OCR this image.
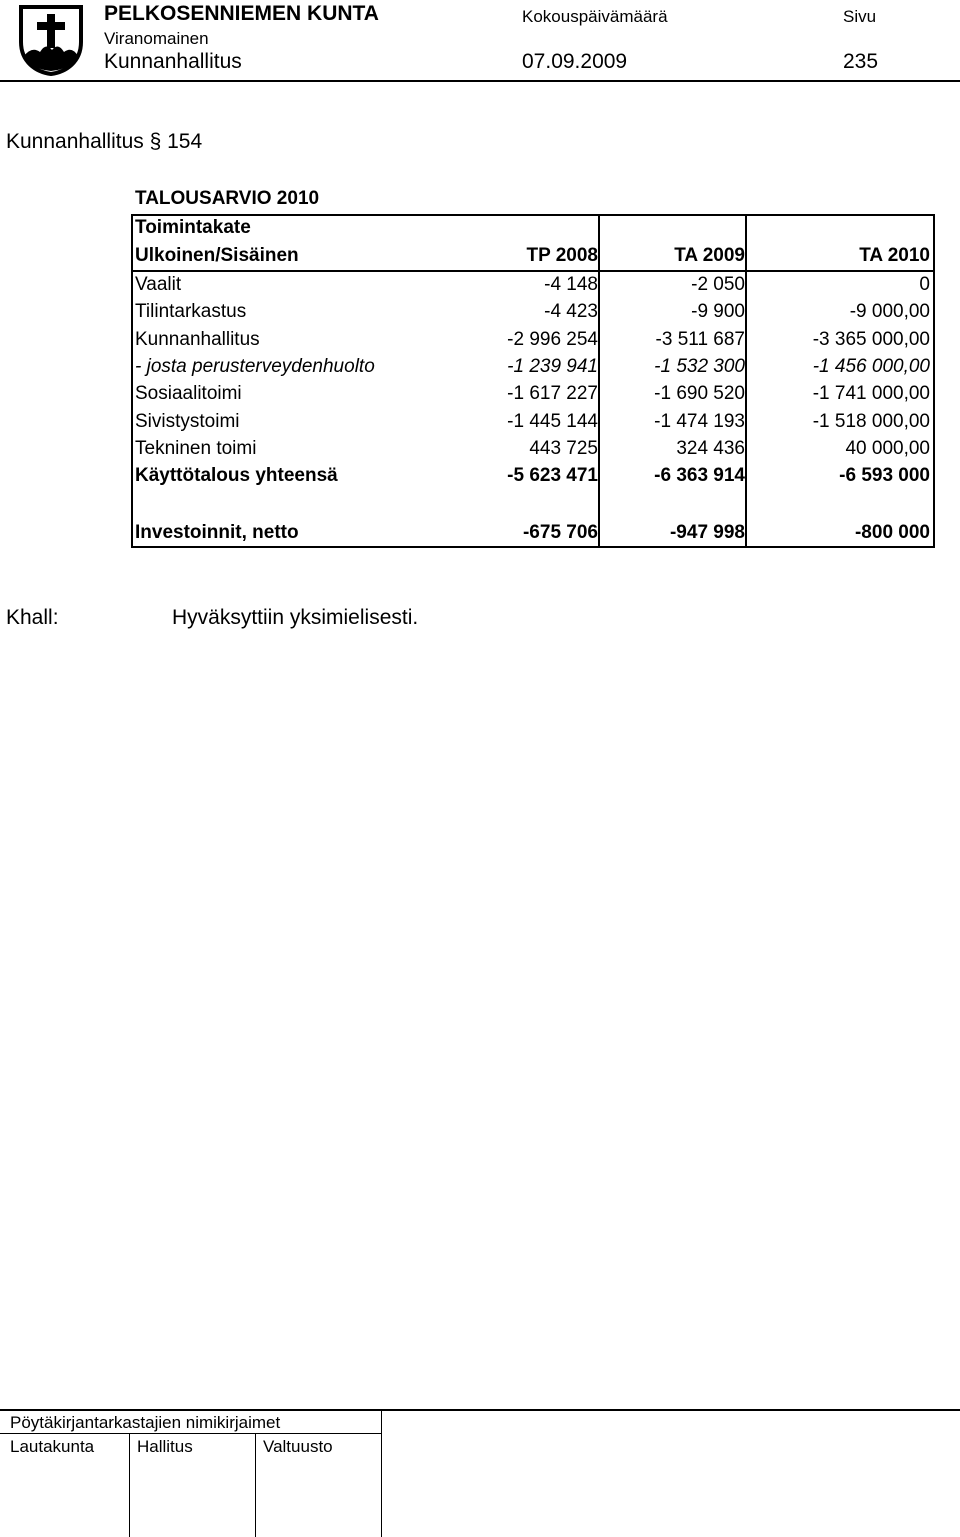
PELKOSENNIEMEN KUNTA
Viranomainen
Kunnanhallitus
Kokouspäivämäärä
07.09.2009
Sivu
235
Kunnanhallitus § 154
TALOUSARVIO 2010
Toimintakate
Ulkoinen/Sisäinen	TP 2008	TA 2009	TA 2010
Vaalit	-4 148	-2 050	0
Tilintarkastus	-4 423	-9 900	-9 000,00
Kunnanhallitus	-2 996 254	-3 511 687	-3 365 000,00
- josta perusterveydenhuolto	-1 239 941	-1 532 300	-1 456 000,00
Sosiaalitoimi	-1 617 227	-1 690 520	-1 741 000,00
Sivistystoimi	-1 445 144	-1 474 193	-1 518 000,00
Tekninen toimi	443 725	324 436	40 000,00
Käyttötalous yhteensä	-5 623 471	-6 363 914	-6 593 000
Investoinnit, netto	-675 706	-947 998	-800 000
Khall:	Hyväksyttiin yksimielisesti.
Pöytäkirjantarkastajien nimikirjaimet
Lautakunta	Hallitus	Valtuusto
